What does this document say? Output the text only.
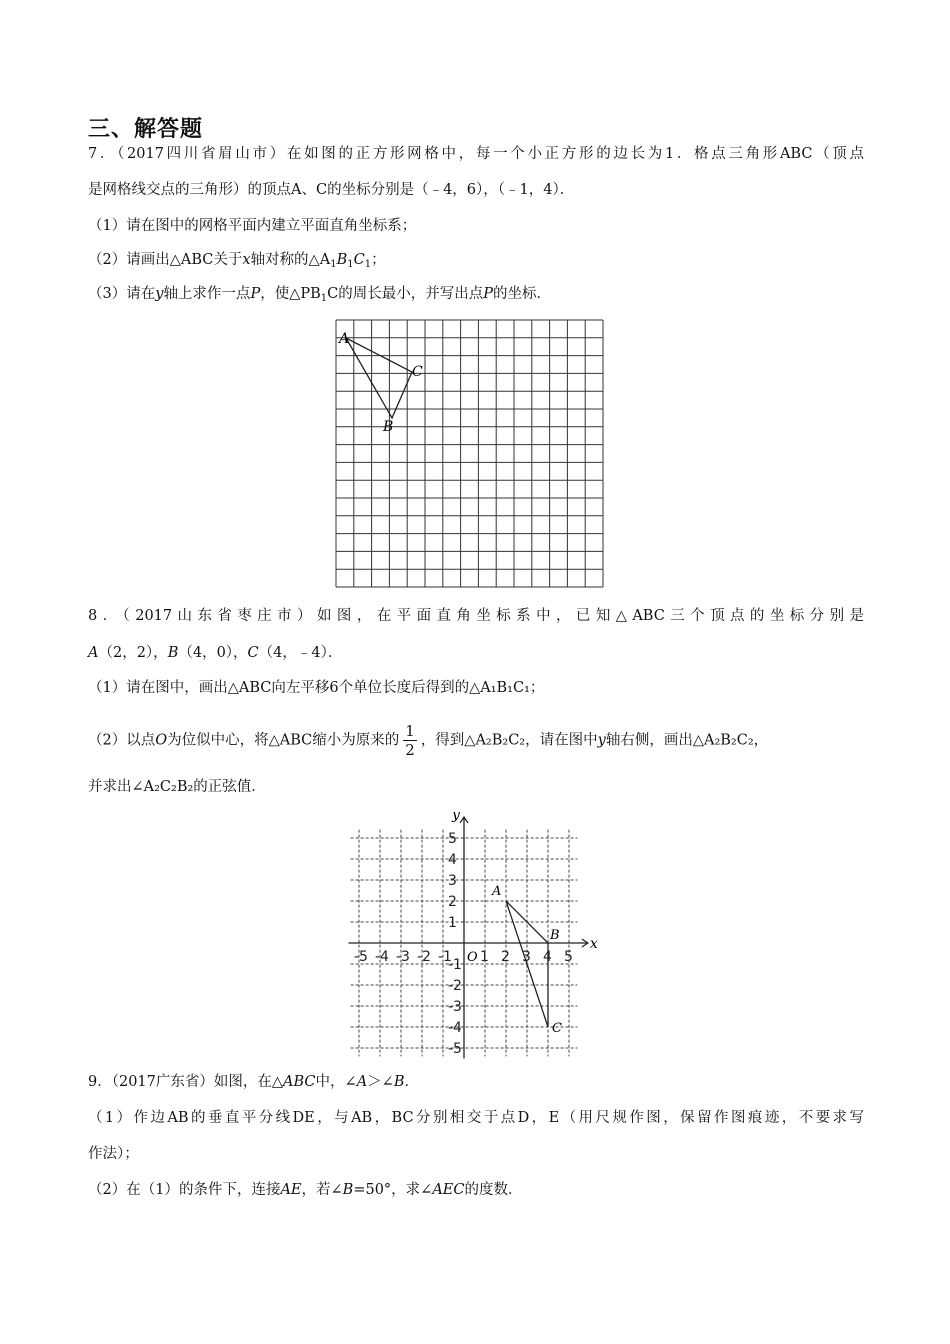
三、解答题
7．（2017四川省眉山市）在如图的正方形网格中，每一个小正方形的边长为1．格点三角形ABC（顶点
是网格线交点的三角形）的顶点A、C的坐标分别是（﹣4，6），（﹣1，4）．
（1）请在图中的网格平面内建立平面直角坐标系；
（2）请画出△ABC关于x轴对称的$\triangle A_1B_1C_1$；
（3）请在y轴上求作一点P，使$\triangle PB_1C$的周长最小，并写出点P的坐标．
A
C
B
8．（2017山东省枣庄市）如图，在平面直角坐标系中，已知△ABC三个顶点的坐标分别是
A（2，2），B（4，0），C（4，﹣4）．
（1）请在图中，画出△ABC向左平移6个单位长度后得到的△A₁B₁C₁；
（2）以点O为位似中心，将△ABC缩小为原来的 $\frac{1}{2}$ ，得到△A₂B₂C₂，请在图中y轴右侧，画出△A₂B₂C₂，
并求出∠A₂C₂B₂的正弦值．
-5 -4 -3 -2 -1 1 2 3 4 5
5
4
3
2
1
-1
-2
-3
-4
-5
A
B
C
x
y
O
9．（2017广东省）如图，在△ABC中，∠A＞∠B．
（1）作边AB的垂直平分线DE，与AB，BC分别相交于点D，E（用尺规作图，保留作图痕迹，不要求写
作法）；
（2）在（1）的条件下，连接AE，若∠B=50°，求∠AEC的度数．
